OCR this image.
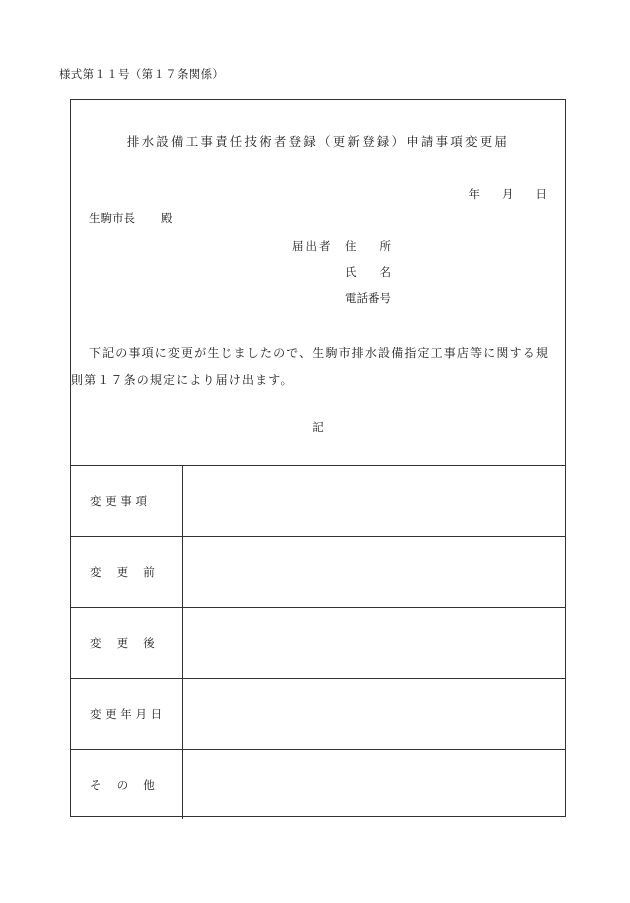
様式第１１号（第１７条関係）
排水設備工事責任技術者登録（更新登録）申請事項変更届
年 月 日
生駒市長 殿
届出者 住　　所
氏　　名
電話番号
下記の事項に変更が生じましたので、生駒市排水設備指定工事店等に関する規
則第１７条の規定により届け出ます。
記
変 更 事 項
変　 更　 前
変　 更　 後
変 更 年 月 日
そ　 の　 他
